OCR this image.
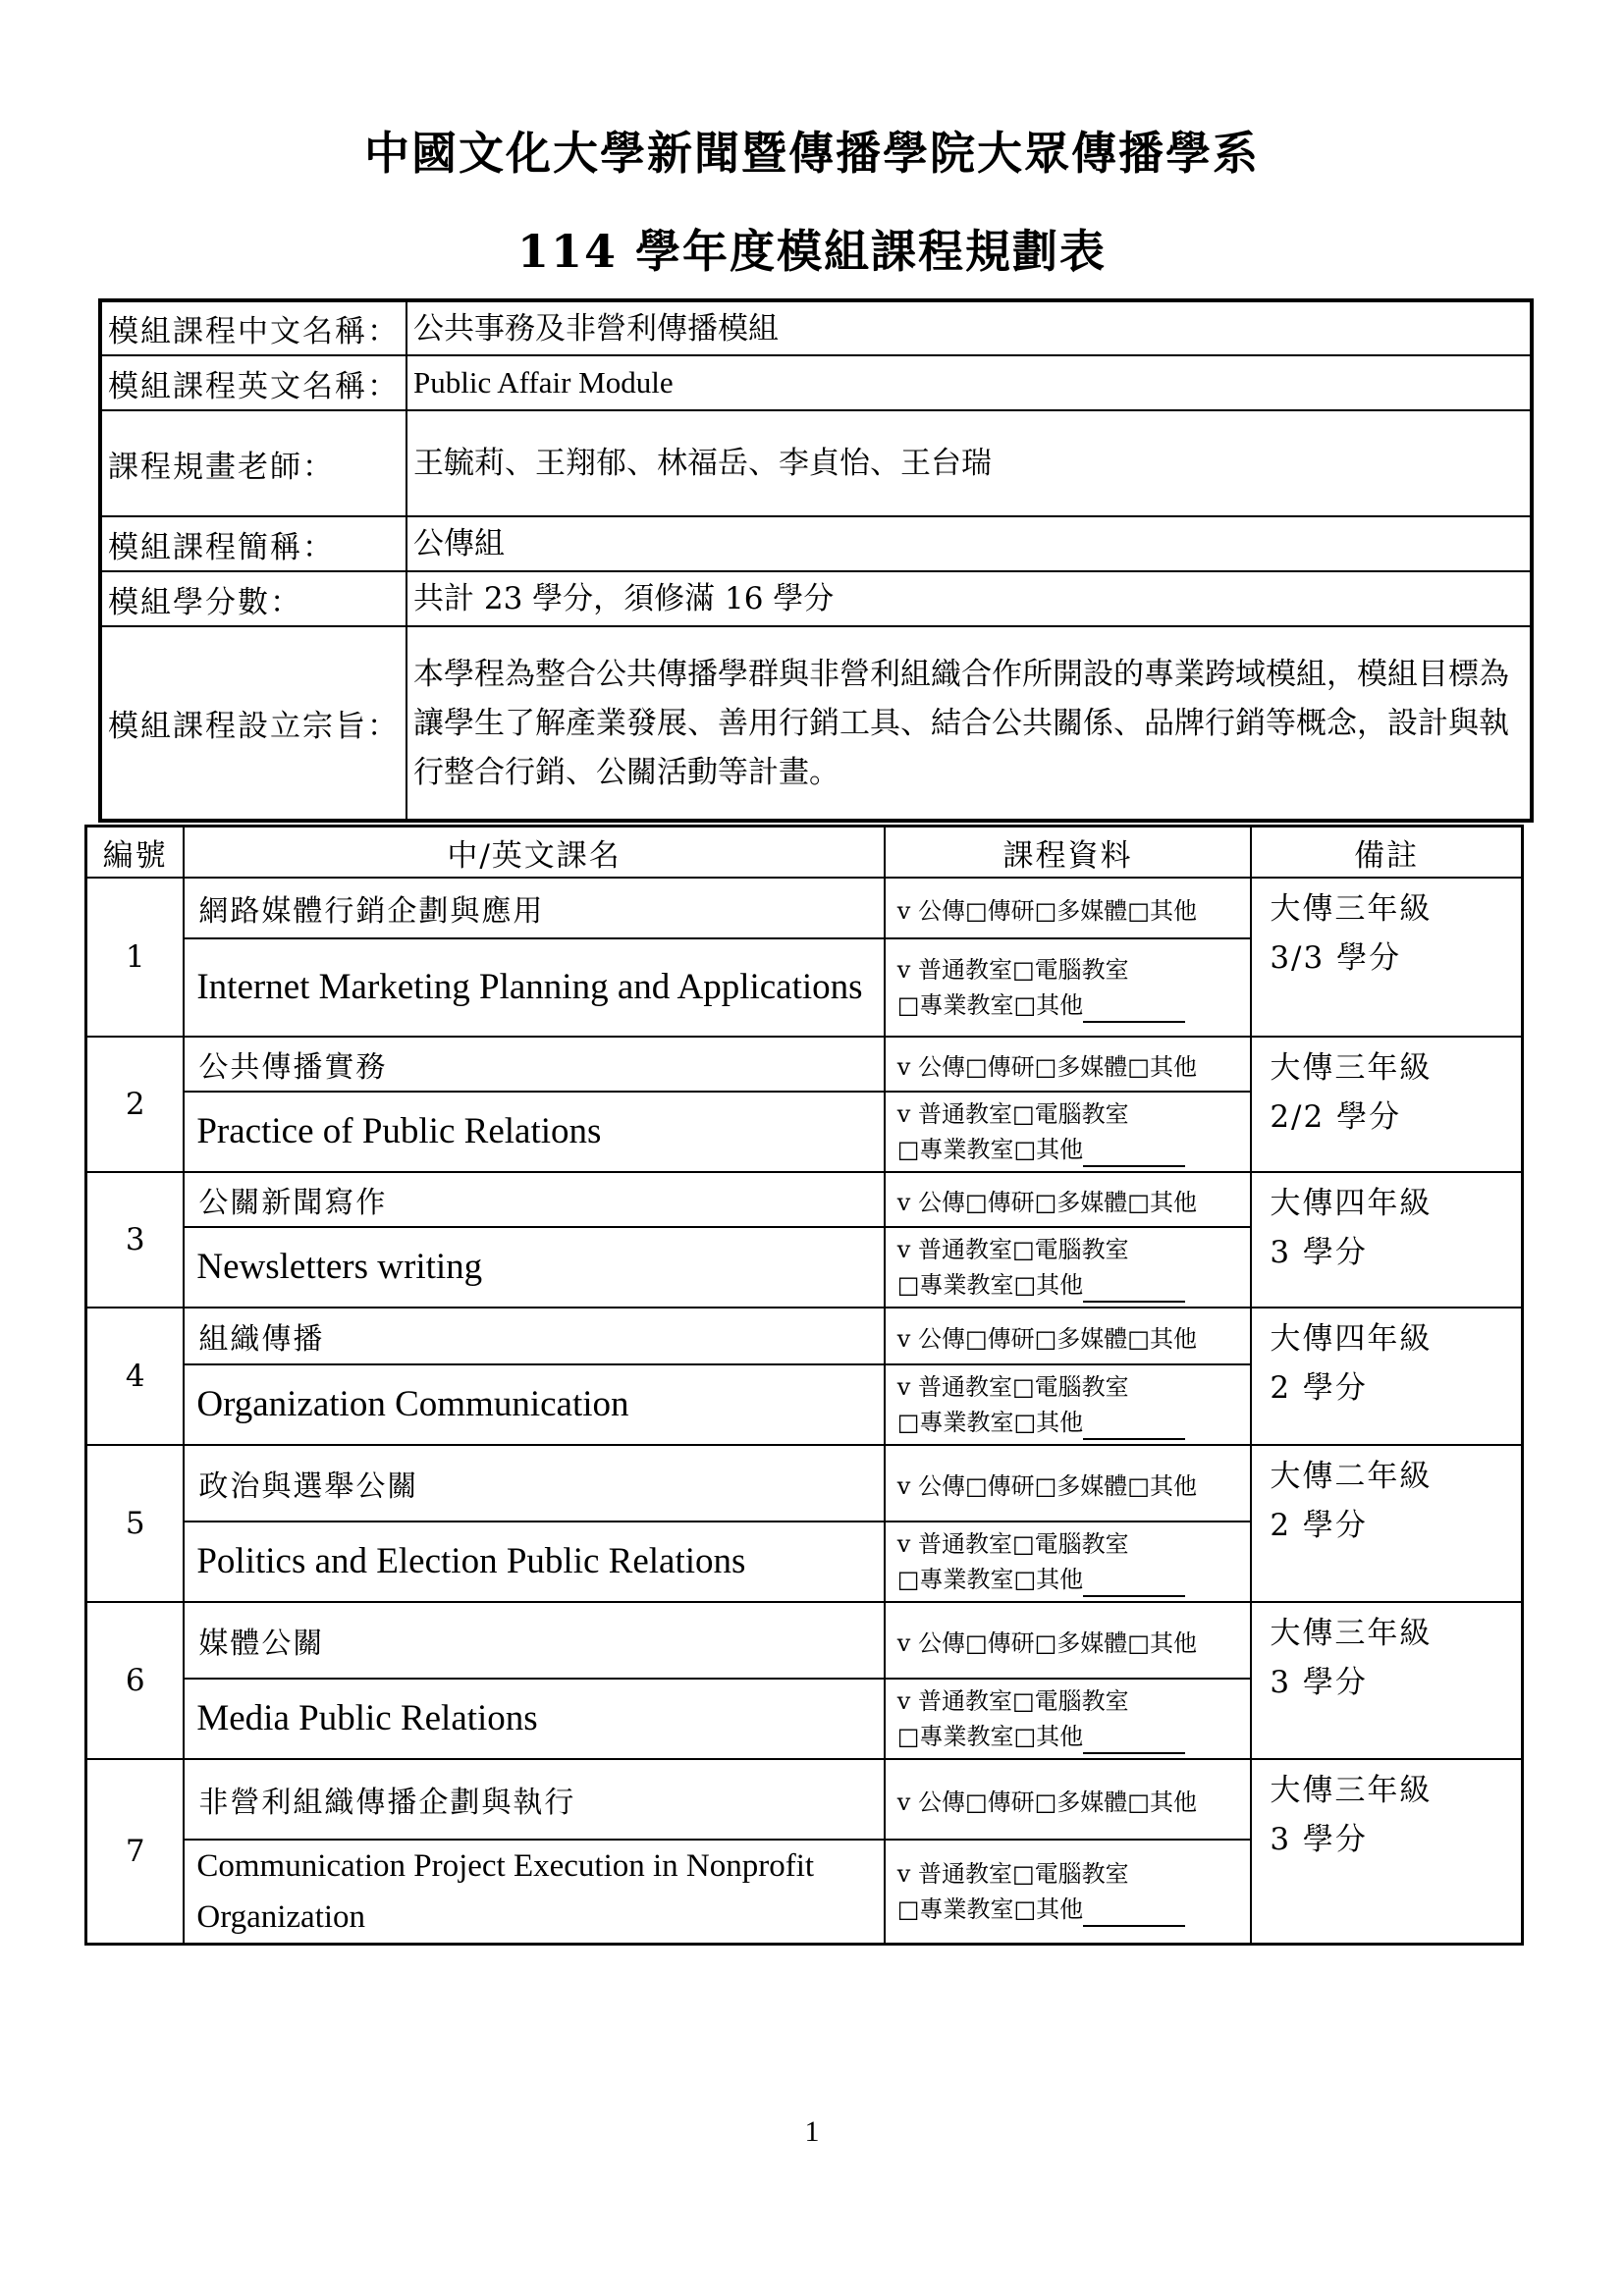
中國文化大學新聞暨傳播學院大眾傳播學系
114 學年度模組課程規劃表
模組課程中文名稱：	公共事務及非營利傳播模組
模組課程英文名稱：	Public Affair Module
課程規畫老師：	王毓莉、王翔郁、林福岳、李貞怡、王台瑞
模組課程簡稱：	公傳組
模組學分數：	共計 23 學分，須修滿 16 學分
模組課程設立宗旨：	本學程為整合公共傳播學群與非營利組織合作所開設的專業跨域模組，模組目標為讓學生了解產業發展、善用行銷工具、結合公共關係、品牌行銷等概念，設計與執行整合行銷、公關活動等計畫。
編號	中/英文課名	課程資料	備註
1	網路媒體行銷企劃與應用	v 公傳□傳研□多媒體□其他	大傳三年級
3/3 學分

	Internet Marketing Planning and Applications	v 普通教室□電腦教室
□專業教室□其他	

2	公共傳播實務	v 公傳□傳研□多媒體□其他	大傳三年級
2/2 學分

	Practice of Public Relations	v 普通教室□電腦教室
□專業教室□其他	

3	公關新聞寫作	v 公傳□傳研□多媒體□其他	大傳四年級
3 學分

	Newsletters writing	v 普通教室□電腦教室
□專業教室□其他	

4	組織傳播	v 公傳□傳研□多媒體□其他	大傳四年級
2 學分

	Organization Communication	v 普通教室□電腦教室
□專業教室□其他	

5	政治與選舉公關	v 公傳□傳研□多媒體□其他	大傳二年級
2 學分

	Politics and Election Public Relations	v 普通教室□電腦教室
□專業教室□其他	

6	媒體公關	v 公傳□傳研□多媒體□其他	大傳三年級
3 學分

	Media Public Relations	v 普通教室□電腦教室
□專業教室□其他	

7	非營利組織傳播企劃與執行	v 公傳□傳研□多媒體□其他	大傳三年級
3 學分

	Communication Project Execution in Nonprofit Organization	v 普通教室□電腦教室
□專業教室□其他	
1
